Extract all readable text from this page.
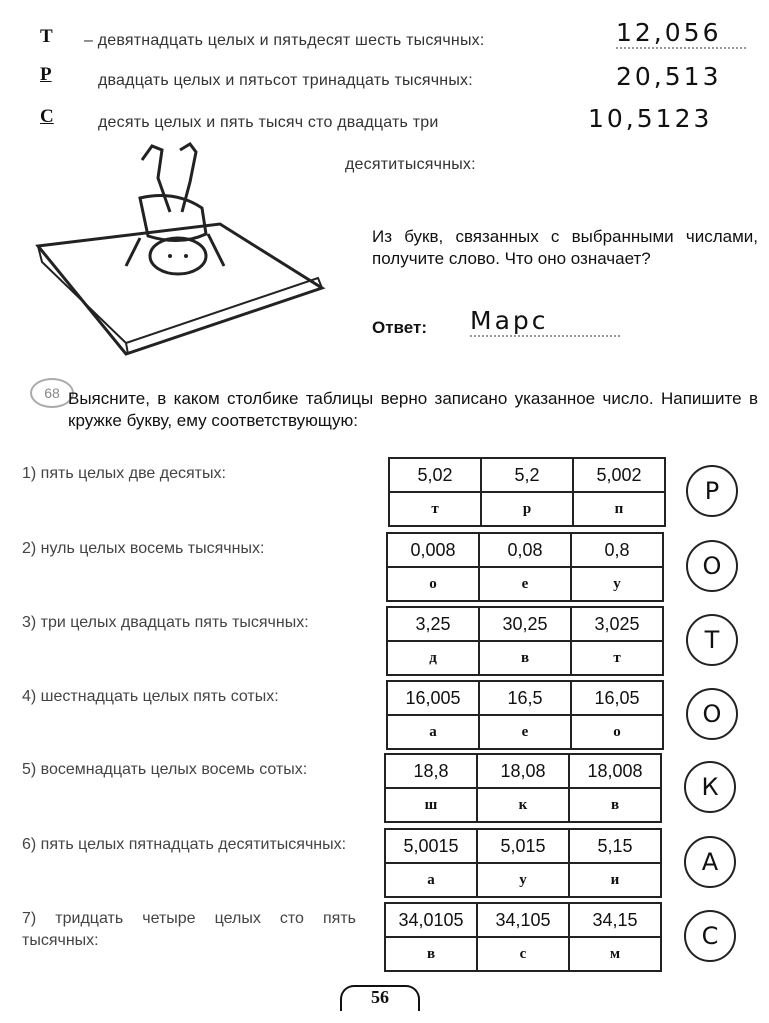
Т – девятнадцать целых и пятьдесят шесть тысячных:	12,056
Р	двадцать целых и пятьсот тринадцать тысячных:	20,513
С	десять целых и пять тысяч сто двадцать три	10,5123
десятитысячных:
Из букв, связанных с выбранными числами, получите слово. Что оно означает?
Ответ: Марс
68 Выясните, в каком столбике таблицы верно записано указанное число. Напишите в кружке букву, ему соответствующую:
1) пять целых две десятых:	5,02	5,2	5,002
т	р	п
Р
2) нуль целых восемь тысячных:	0,008	0,08	0,8
о	е	у
О
3) три целых двадцать пять тысячных:	3,25	30,25	3,025
д	в	т
Т
4) шестнадцать целых пять сотых:	16,005	16,5	16,05
а	е	о
О
5) восемнадцать целых восемь сотых:	18,8	18,08	18,008
ш	к	в
К
6) пять целых пятнадцать десятитысячных:	5,0015	5,015	5,15
а	у	и
А
7) тридцать четыре целых сто пять тысячных:
34,0105	34,105	34,15
в	с	м
С
56
